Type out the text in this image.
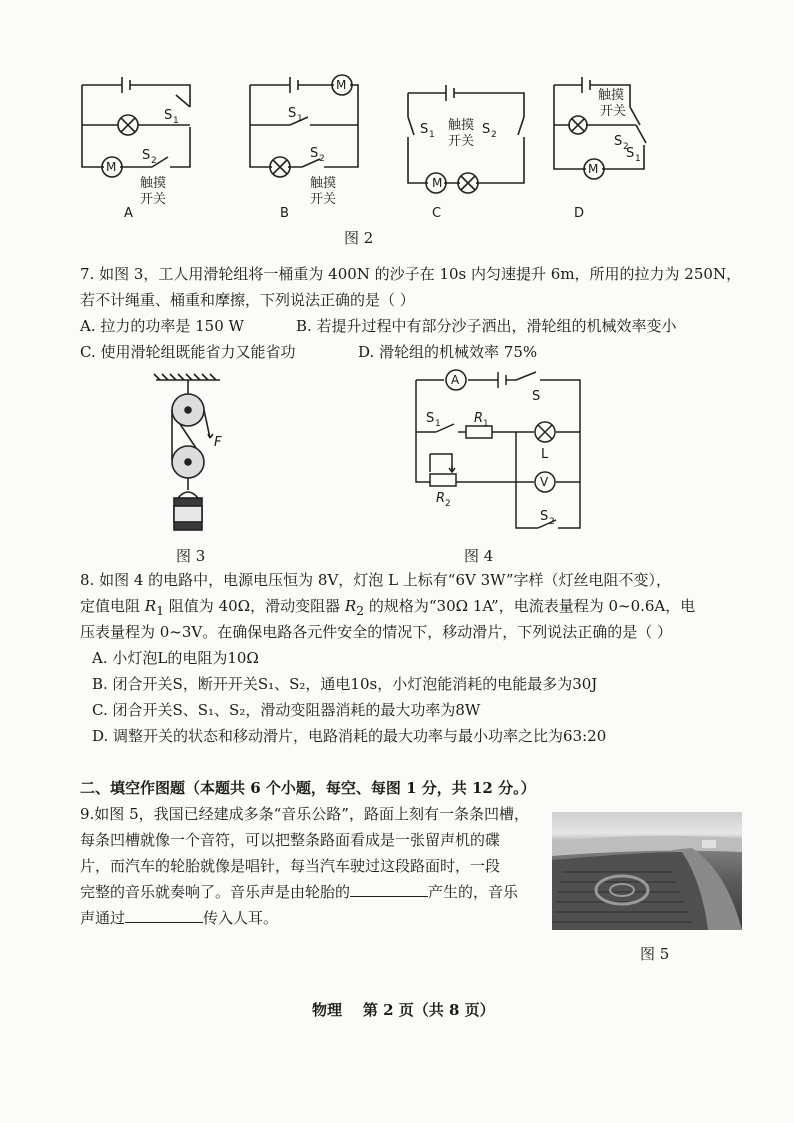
M
S 1
S 2
触摸
开关
A
M
S 1
S 2
触摸
开关
B
M
S 1	S 2
触摸
开关
C
M
触摸
开关
S 2
S 1
D
图 2
7. 如图 3，工人用滑轮组将一桶重为 400N 的沙子在 10s 内匀速提升 6m，所用的拉力为 250N，
若不计绳重、桶重和摩擦，下列说法正确的是（ ）
A. 拉力的功率是 150 W	B. 若提升过程中有部分沙子洒出，滑轮组的机械效率变小
C. 使用滑轮组既能省力又能省功	D. 滑轮组的机械效率 75%
F
图 3
A
S
S 1	R 1
L
R 2
V
S 2
图 4
8. 如图 4 的电路中，电源电压恒为 8V，灯泡 L 上标有“6V 3W”字样（灯丝电阻不变），
定值电阻 $R_1$ 阻值为 40Ω，滑动变阻器 $R_2$ 的规格为“30Ω 1A”，电流表量程为 0~0.6A，电
压表量程为 0~3V。在确保电路各元件安全的情况下，移动滑片，下列说法正确的是（ ）
A. 小灯泡L的电阻为10Ω
B. 闭合开关S，断开开关S₁、S₂，通电10s，小灯泡能消耗的电能最多为30J
C. 闭合开关S、S₁、S₂，滑动变阻器消耗的最大功率为8W
D. 调整开关的状态和移动滑片，电路消耗的最大功率与最小功率之比为63:20
二、填空作图题（本题共 6 个小题，每空、每图 1 分，共 12 分。）
9.如图 5，我国已经建成多条“音乐公路”，路面上刻有一条条凹槽，
每条凹槽就像一个音符，可以把整条路面看成是一张留声机的碟
片，而汽车的轮胎就像是唱针，每当汽车驶过这段路面时，一段
完整的音乐就奏响了。音乐声是由轮胎的	产生的，音乐
声通过	传入人耳。
图 5
物理    第 2 页（共 8 页）
